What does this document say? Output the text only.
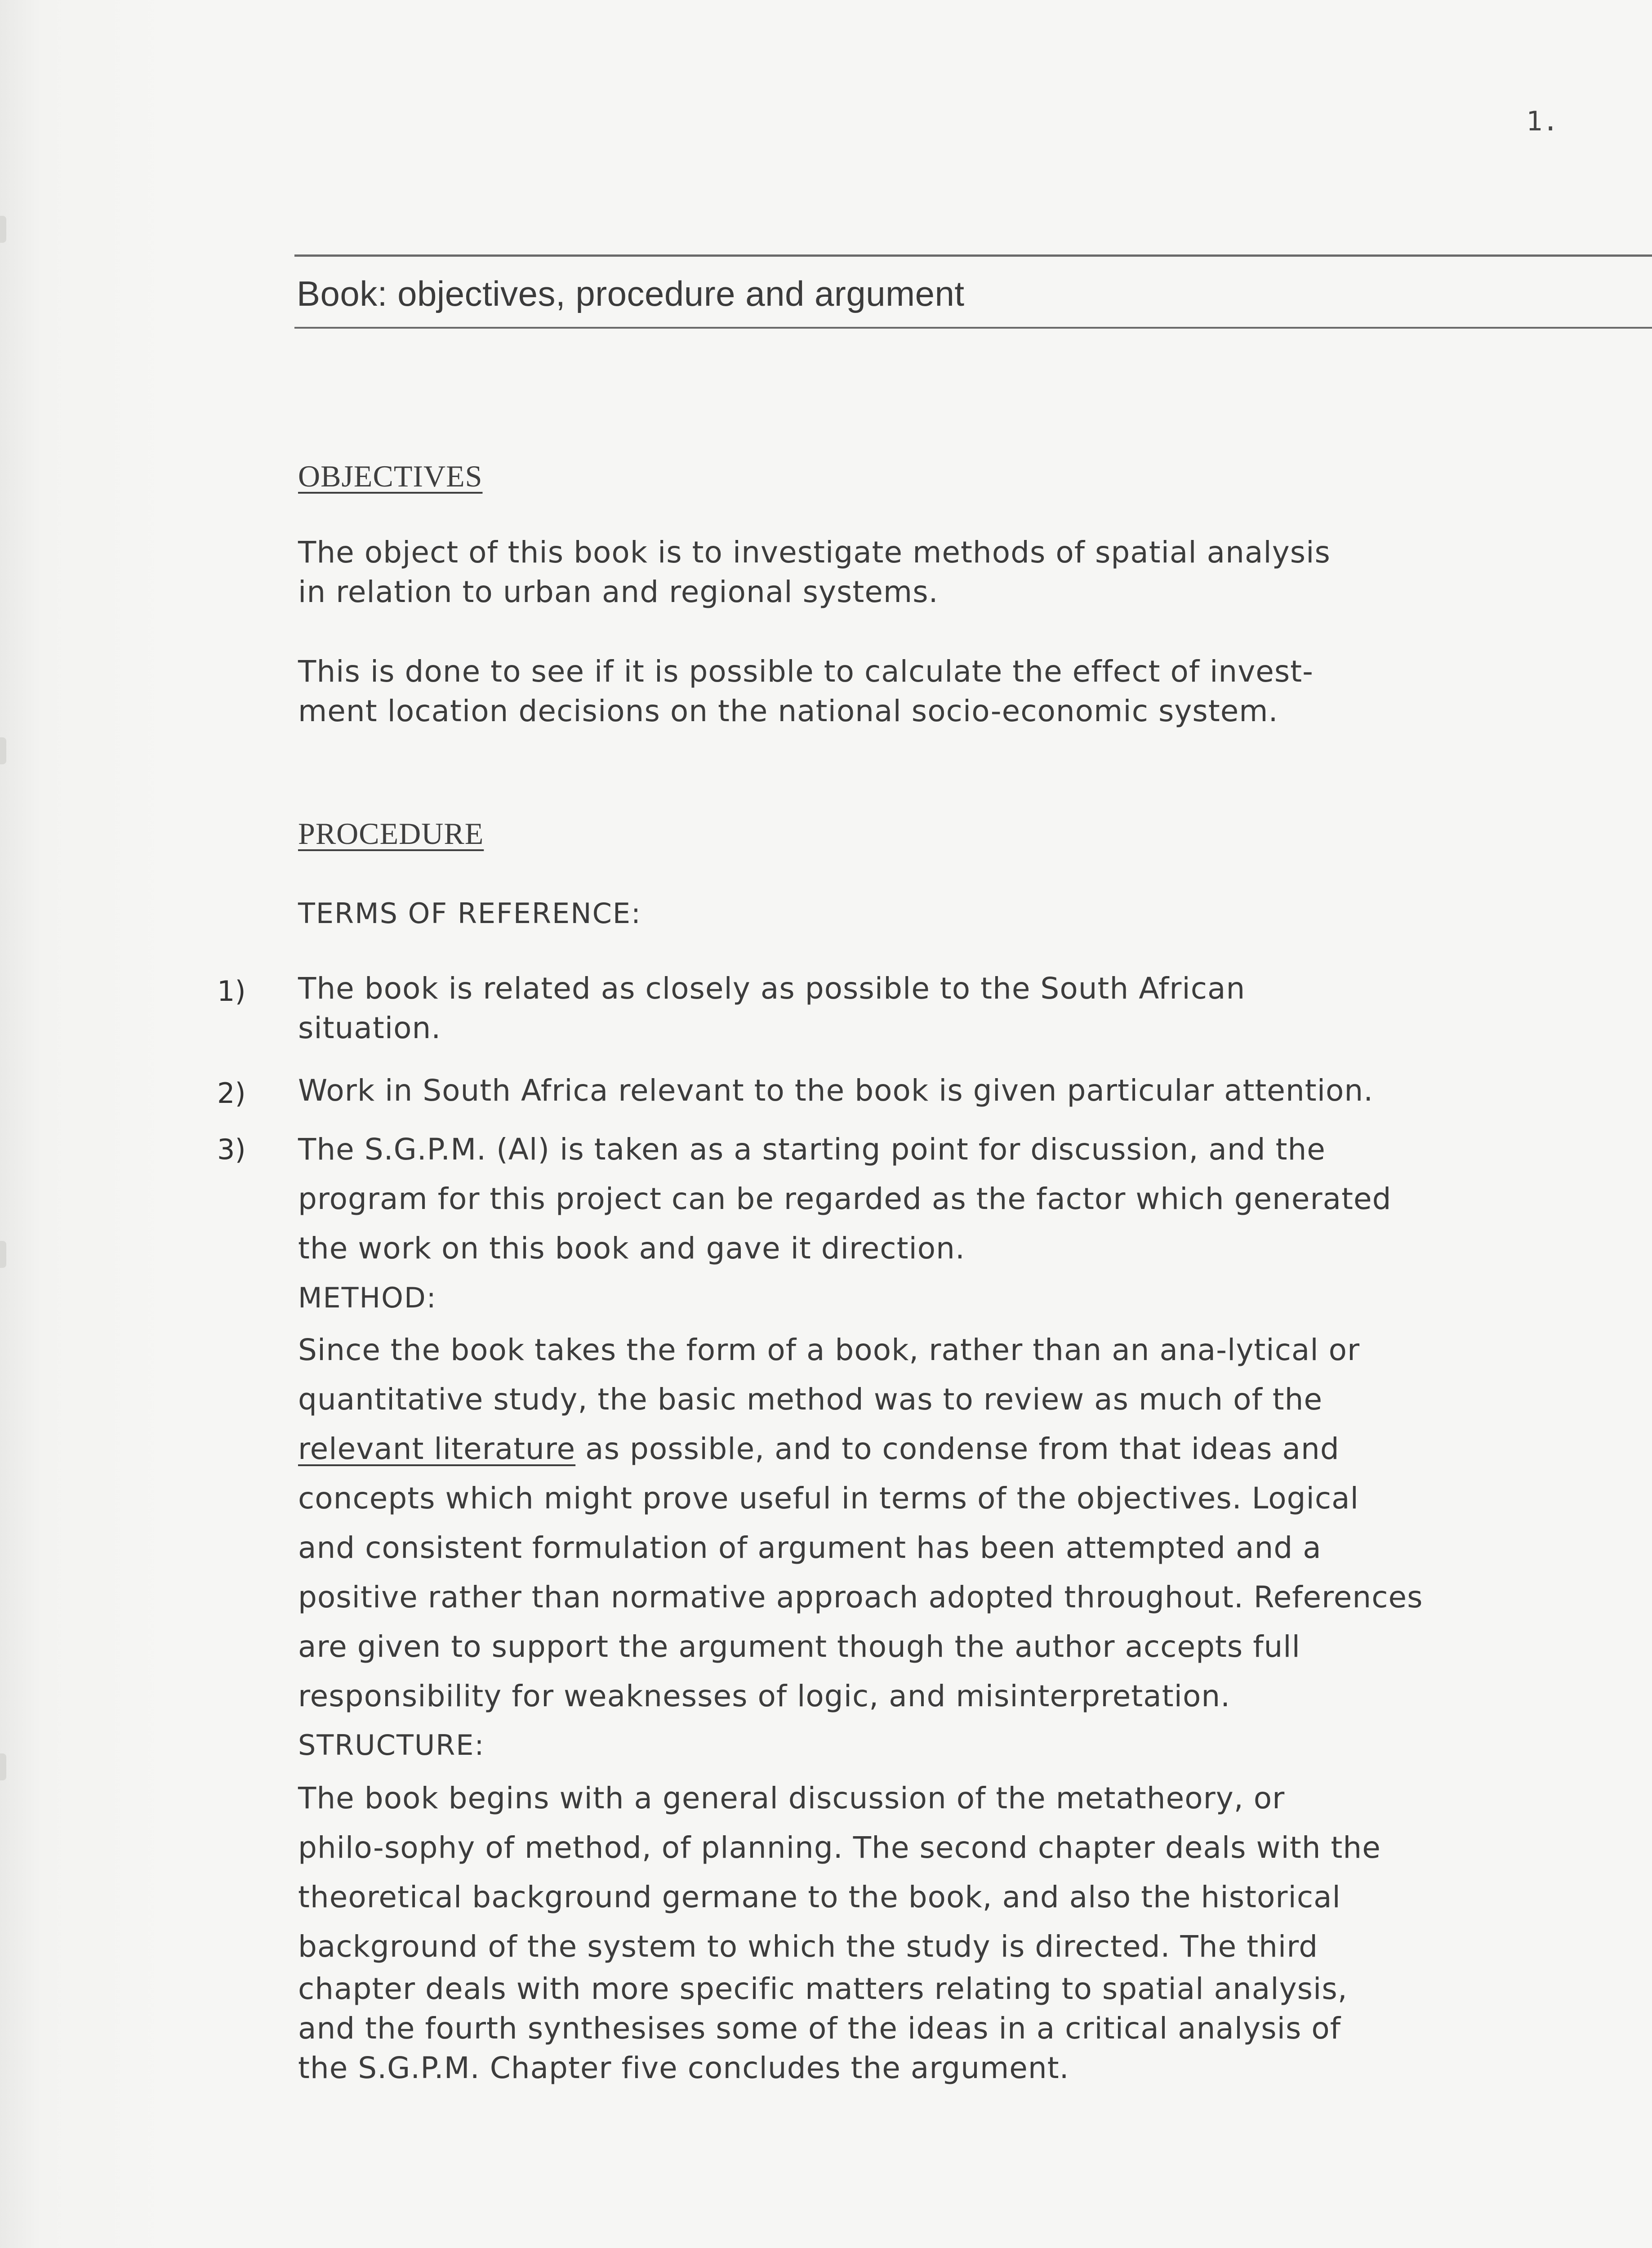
1.
Book: objectives, procedure and argument
OBJECTIVES
The object of this book is to investigate methods of spatial analysis
in relation to urban and regional systems.
This is done to see if it is possible to calculate the effect of invest-
ment location decisions on the national socio-economic system.
PROCEDURE
TERMS OF REFERENCE:
1) The book is related as closely as possible to the South African
situation.
2) Work in South Africa relevant to the book is given particular attention.
3) The S.G.P.M. (Al) is taken as a starting point for discussion, and the
program for this project can be regarded as the factor which generated
the work on this book and gave it direction.
METHOD:
Since the book takes the form of a book, rather than an ana-lytical or
quantitative study, the basic method was to review as much of the
relevant literature as possible, and to condense from that ideas and
concepts which might prove useful in terms of the objectives. Logical
and consistent formulation of argument has been attempted and a
positive rather than normative approach adopted throughout. References
are given to support the argument though the author accepts full
responsibility for weaknesses of logic, and misinterpretation.
STRUCTURE:
The book begins with a general discussion of the metatheory, or
philo-sophy of method, of planning. The second chapter deals with the
theoretical background germane to the book, and also the historical
background of the system to which the study is directed. The third
chapter deals with more specific matters relating to spatial analysis,
and the fourth synthesises some of the ideas in a critical analysis of
the S.G.P.M. Chapter five concludes the argument.
